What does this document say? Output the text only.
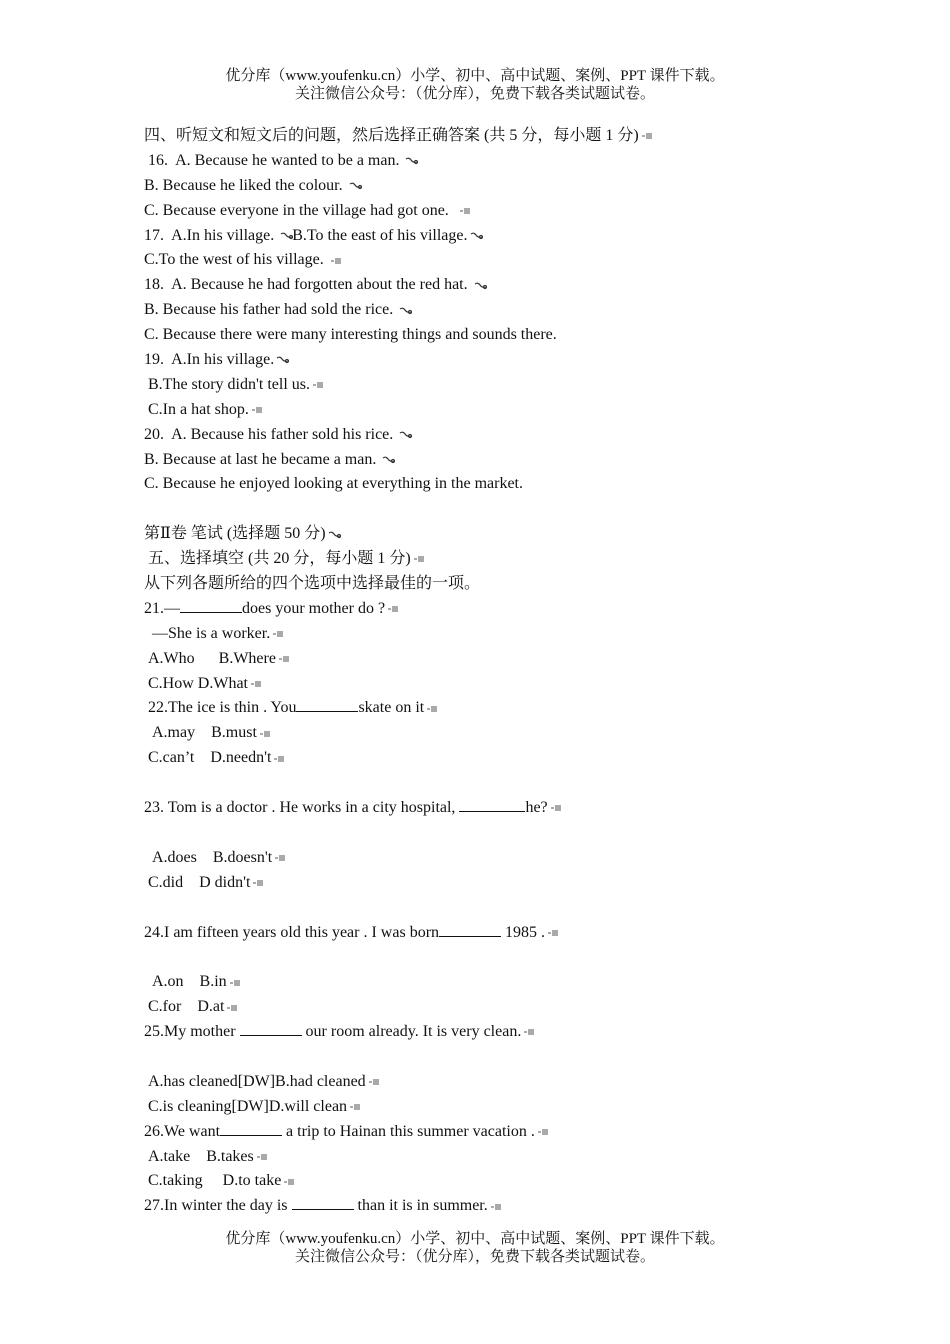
优分库（www.youfenku.cn）小学、初中、高中试题、案例、PPT 课件下载。
关注微信公众号：（优分库），免费下载各类试题试卷。
四、听短文和短文后的问题，然后选择正确答案 (共 5 分，每小题 1 分)
16.  A. Because he wanted to be a man.
B. Because he liked the colour.
C. Because everyone in the village had got one.
17.  A.In his village.
B.To the east of his village.
C.To the west of his village.
18.  A. Because he had forgotten about the red hat.
B. Because his father had sold the rice.
C. Because there were many interesting things and sounds there.
19.  A.In his village.
B.The story didn't tell us.
C.In a hat shop.
20.  A. Because his father sold his rice.
B. Because at last he became a man.
C. Because he enjoyed looking at everything in the market.
第Ⅱ卷 笔试 (选择题 50 分)
五、选择填空 (共 20 分，每小题 1 分)
从下列各题所给的四个选项中选择最佳的一项。
21.—	does your mother do ?
—She is a worker.
A.Who      B.Where
C.How D.What
22.The ice is thin . You	skate on it
A.may    B.must
C.can’t    D.needn't
23. Tom is a doctor . He works in a city hospital,	he?
A.does    B.doesn't
C.did    D didn't
24.I am fifteen years old this year . I was born	1985 .
A.on    B.in
C.for    D.at
25.My mother	our room already. It is very clean.
A.has cleaned[DW]B.had cleaned
C.is cleaning[DW]D.will clean
26.We want	a trip to Hainan this summer vacation .
A.take    B.takes
C.taking     D.to take
27.In winter the day is	than it is in summer.
优分库（www.youfenku.cn）小学、初中、高中试题、案例、PPT 课件下载。
关注微信公众号：（优分库），免费下载各类试题试卷。
